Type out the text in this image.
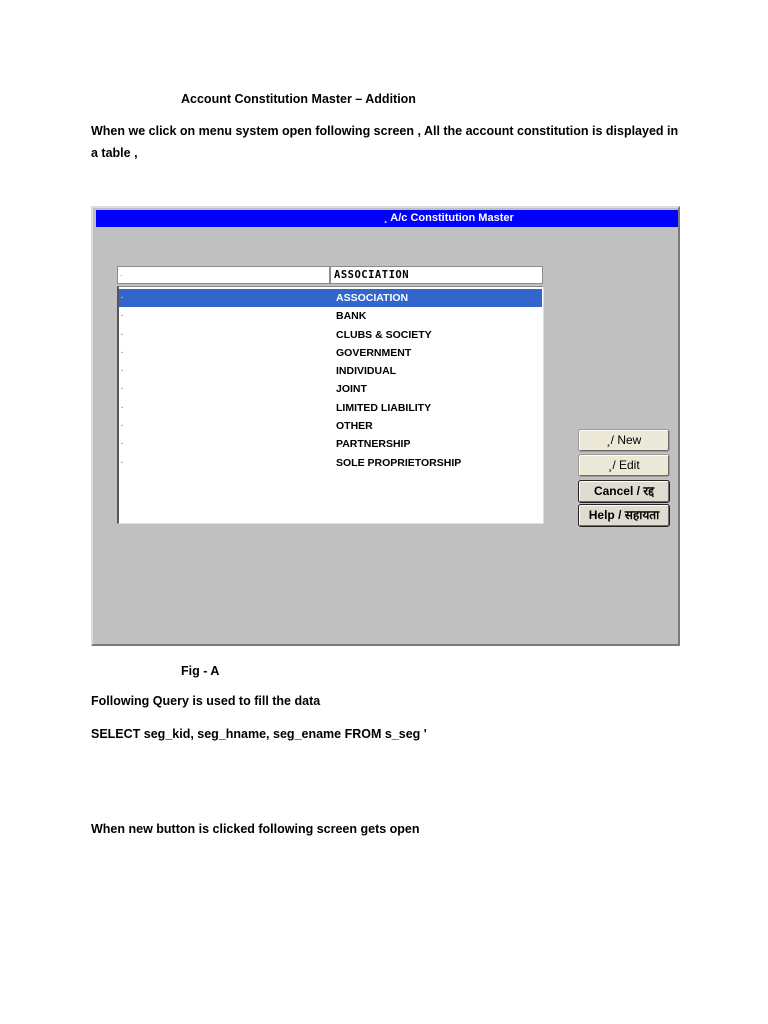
Account Constitution Master – Addition
When we click on menu system open following screen , All the account constitution is displayed in a table ,
¸ A/c Constitution Master
·	ASSOCIATION
·	ASSOCIATION
·	BANK
·	CLUBS & SOCIETY
·	GOVERNMENT
·	INDIVIDUAL
·	JOINT
·	LIMITED LIABILITY
·	OTHER
·	PARTNERSHIP
·	SOLE PROPRIETORSHIP
¸/ New
¸/ Edit
Cancel / रद्द
Help / सहायता
Fig - A
Following Query is used to fill the data
SELECT seg_kid, seg_hname, seg_ename FROM s_seg '
When new button is clicked following screen gets open
